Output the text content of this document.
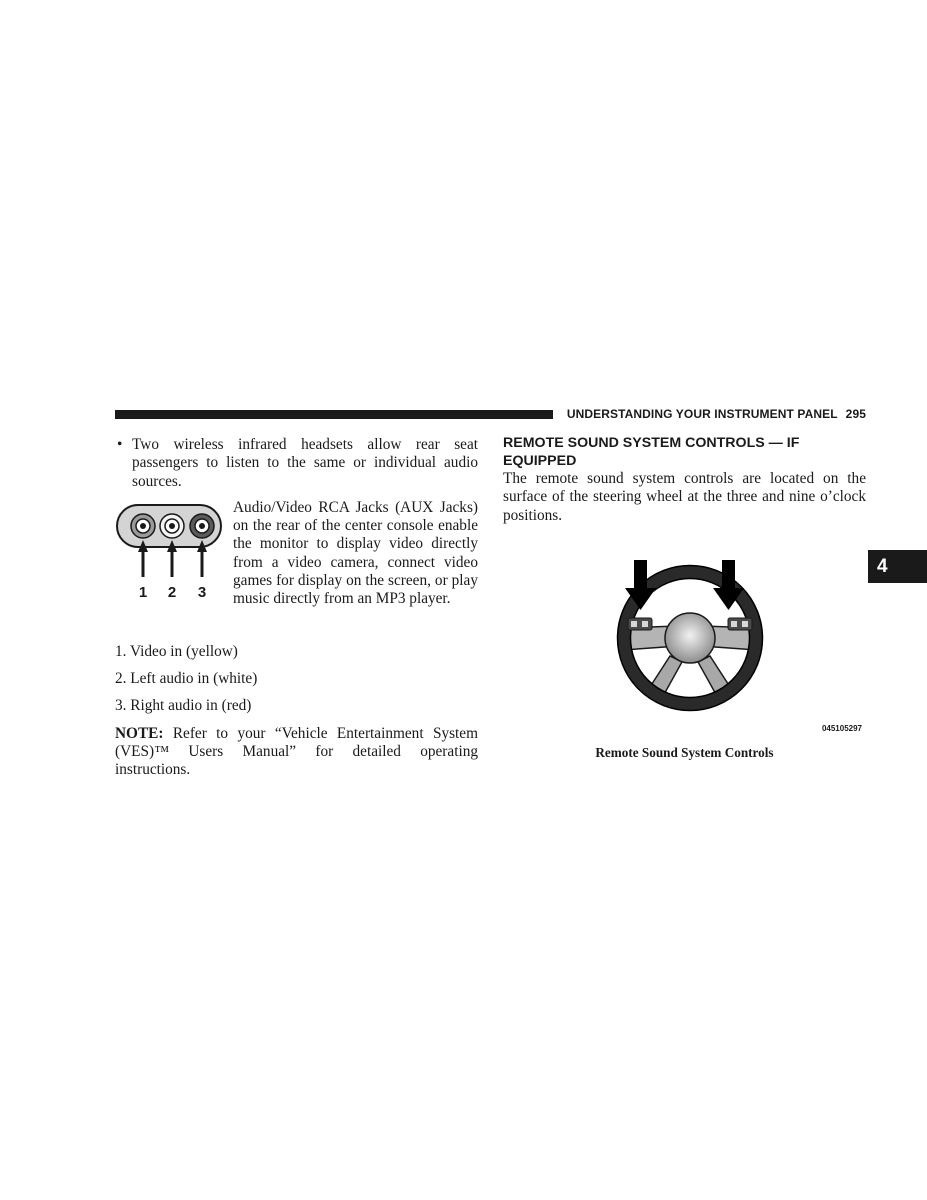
UNDERSTANDING YOUR INSTRUMENT PANEL 295
• Two wireless infrared headsets allow rear seat passengers to listen to the same or individual audio sources.
1 2 3
Audio/Video RCA Jacks (AUX Jacks) on the rear of the center console enable the monitor to display video directly from a video camera, connect video games for display on the screen, or play music directly from an MP3 player.
1. Video in (yellow)
2. Left audio in (white)
3. Right audio in (red)
NOTE: Refer to your “Vehicle Entertainment System (VES)™ Users Manual” for detailed operating instructions.
REMOTE SOUND SYSTEM CONTROLS — IF EQUIPPED

The remote sound system controls are located on the surface of the steering wheel at the three and nine o’clock positions.

045105297
Remote Sound System Controls
4
